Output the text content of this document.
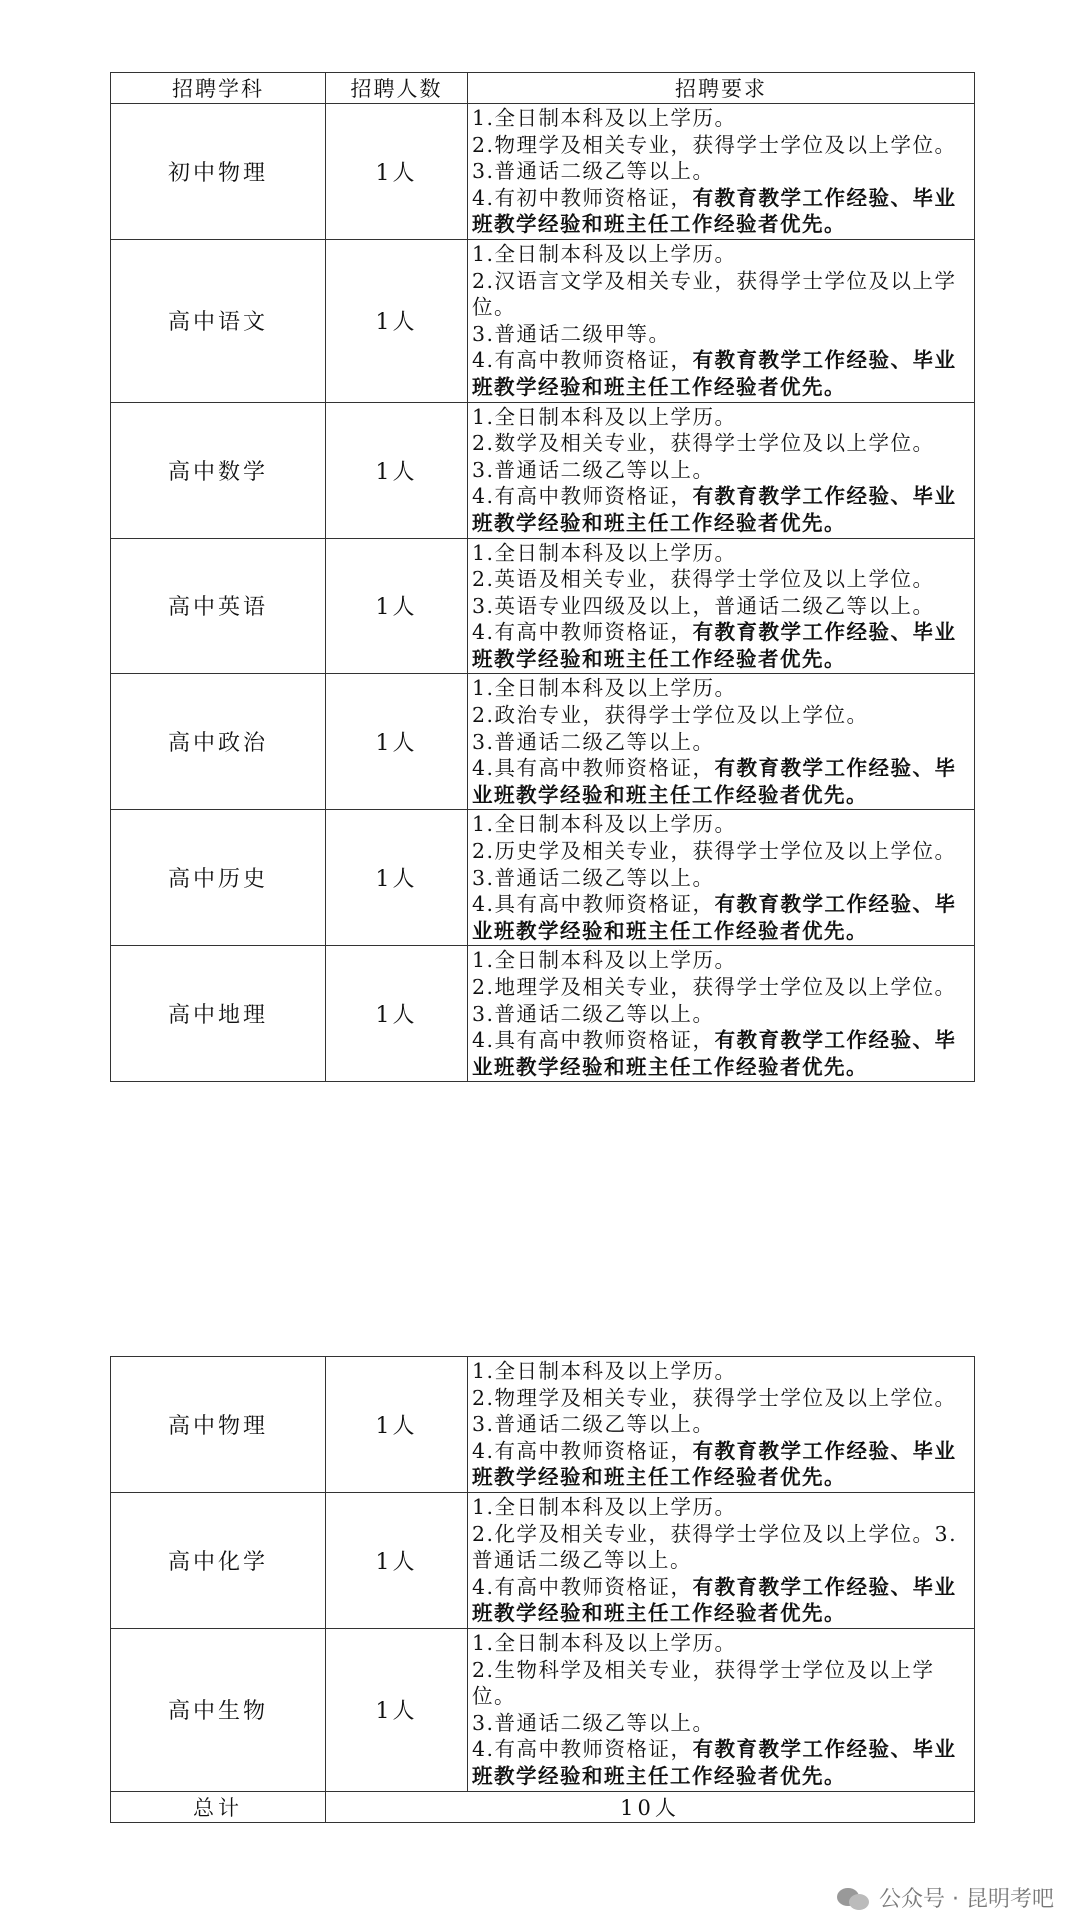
招聘学科	招聘人数	招聘要求
初中物理	1人	1.全日制本科及以上学历。
2.物理学及相关专业，获得学士学位及以上学位。
3.普通话二级乙等以上。
4.有初中教师资格证，有教育教学工作经验、毕业班教学经验和班主任工作经验者优先。

高中语文	1人	1.全日制本科及以上学历。
2.汉语言文学及相关专业，获得学士学位及以上学位。
3.普通话二级甲等。
4.有高中教师资格证，有教育教学工作经验、毕业班教学经验和班主任工作经验者优先。

高中数学	1人	1.全日制本科及以上学历。
2.数学及相关专业，获得学士学位及以上学位。
3.普通话二级乙等以上。
4.有高中教师资格证，有教育教学工作经验、毕业班教学经验和班主任工作经验者优先。

高中英语	1人	1.全日制本科及以上学历。
2.英语及相关专业，获得学士学位及以上学位。
3.英语专业四级及以上，普通话二级乙等以上。
4.有高中教师资格证，有教育教学工作经验、毕业班教学经验和班主任工作经验者优先。

高中政治	1人	1.全日制本科及以上学历。
2.政治专业，获得学士学位及以上学位。
3.普通话二级乙等以上。
4.具有高中教师资格证，有教育教学工作经验、毕业班教学经验和班主任工作经验者优先。

高中历史	1人	1.全日制本科及以上学历。
2.历史学及相关专业，获得学士学位及以上学位。
3.普通话二级乙等以上。
4.具有高中教师资格证，有教育教学工作经验、毕业班教学经验和班主任工作经验者优先。

高中地理	1人	1.全日制本科及以上学历。
2.地理学及相关专业，获得学士学位及以上学位。
3.普通话二级乙等以上。
4.具有高中教师资格证，有教育教学工作经验、毕业班教学经验和班主任工作经验者优先。
高中物理	1人	1.全日制本科及以上学历。
2.物理学及相关专业，获得学士学位及以上学位。
3.普通话二级乙等以上。
4.有高中教师资格证，有教育教学工作经验、毕业班教学经验和班主任工作经验者优先。

高中化学	1人	1.全日制本科及以上学历。
2.化学及相关专业，获得学士学位及以上学位。3.普通话二级乙等以上。
4.有高中教师资格证，有教育教学工作经验、毕业班教学经验和班主任工作经验者优先。

高中生物	1人	1.全日制本科及以上学历。
2.生物科学及相关专业，获得学士学位及以上学位。
3.普通话二级乙等以上。
4.有高中教师资格证，有教育教学工作经验、毕业班教学经验和班主任工作经验者优先。

总计	10人	
公众号 · 昆明考吧
